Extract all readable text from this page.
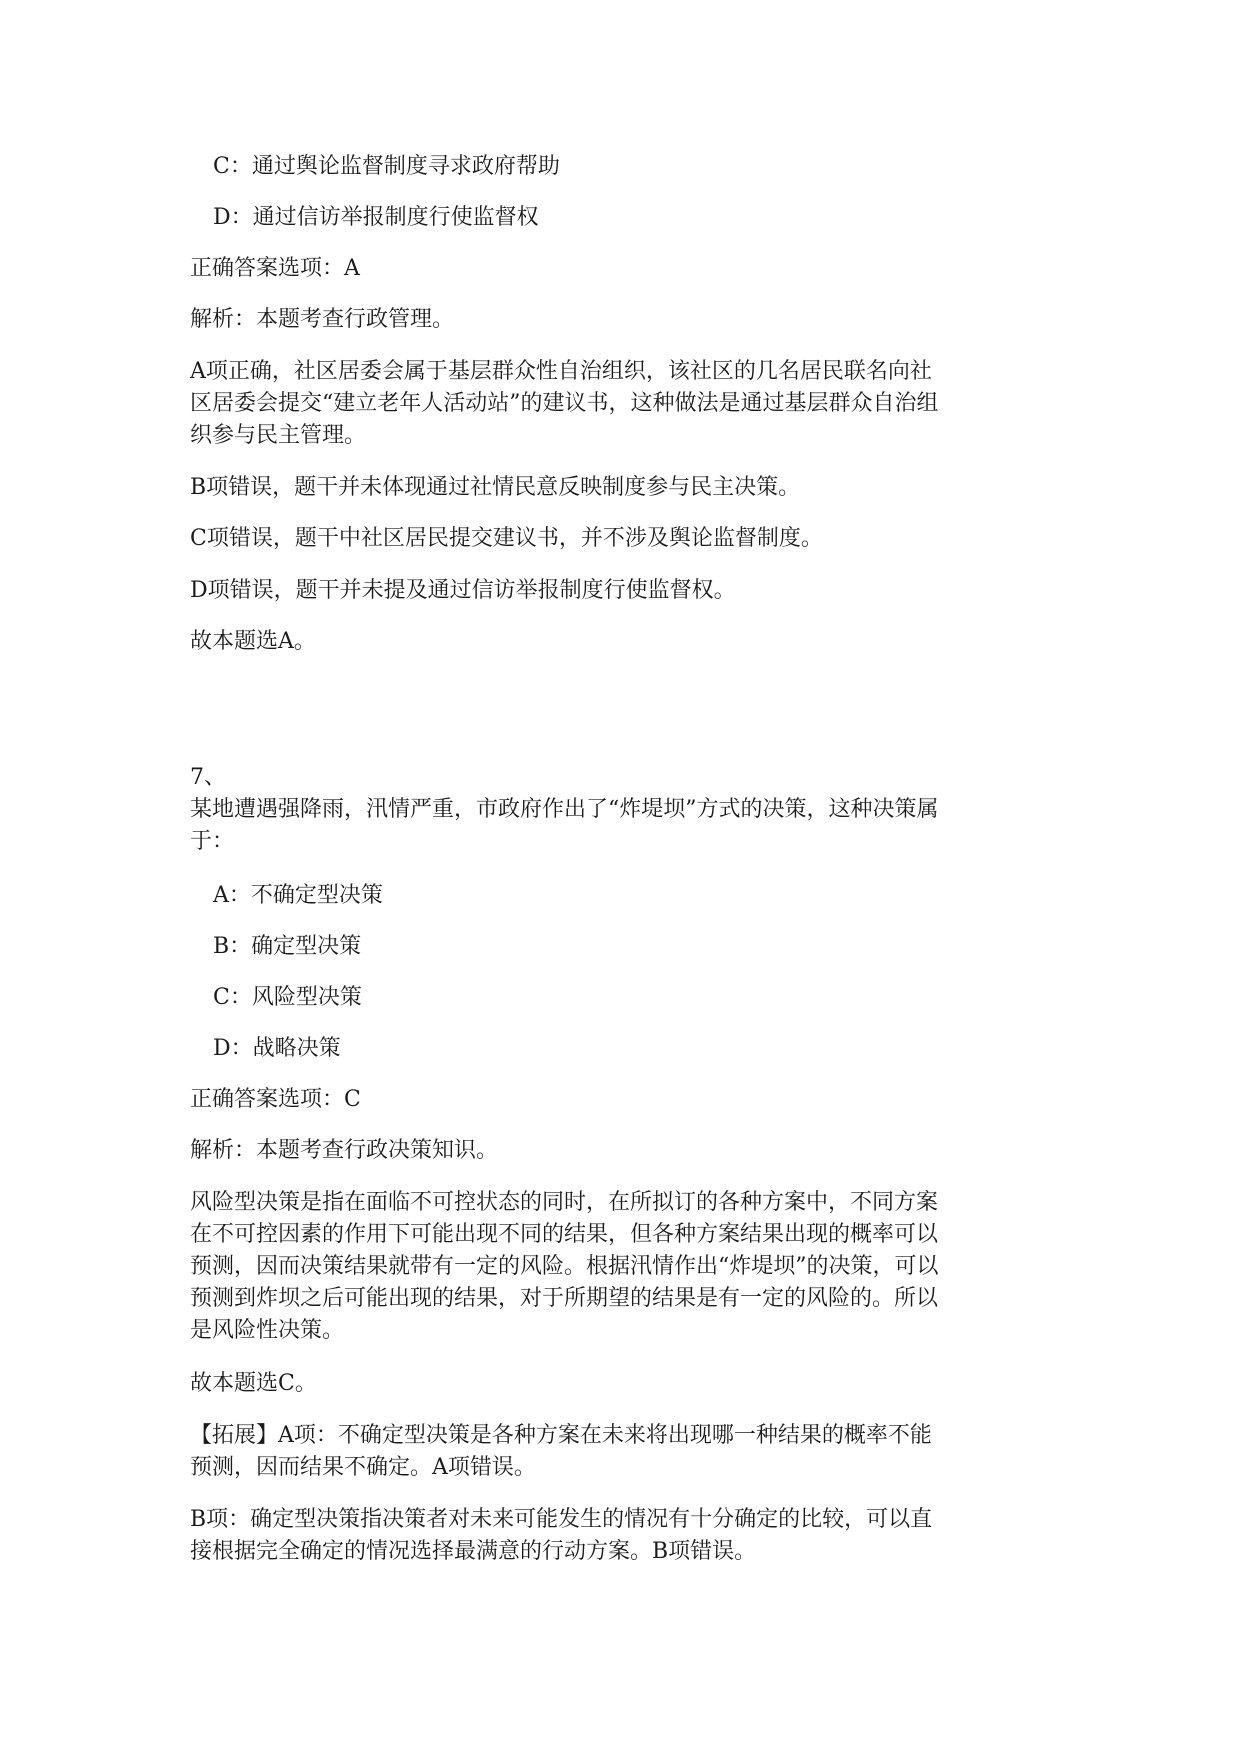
C：通过舆论监督制度寻求政府帮助
D：通过信访举报制度行使监督权
正确答案选项：A
解析：本题考查行政管理。
A项正确，社区居委会属于基层群众性自治组织，该社区的几名居民联名向社
区居委会提交“建立老年人活动站”的建议书，这种做法是通过基层群众自治组
织参与民主管理。
B项错误，题干并未体现通过社情民意反映制度参与民主决策。
C项错误，题干中社区居民提交建议书，并不涉及舆论监督制度。
D项错误，题干并未提及通过信访举报制度行使监督权。
故本题选A。
7、
某地遭遇强降雨，汛情严重，市政府作出了“炸堤坝”方式的决策，这种决策属
于：
A：不确定型决策
B：确定型决策
C：风险型决策
D：战略决策
正确答案选项：C
解析：本题考查行政决策知识。
风险型决策是指在面临不可控状态的同时，在所拟订的各种方案中，不同方案
在不可控因素的作用下可能出现不同的结果，但各种方案结果出现的概率可以
预测，因而决策结果就带有一定的风险。根据汛情作出“炸堤坝”的决策，可以
预测到炸坝之后可能出现的结果，对于所期望的结果是有一定的风险的。所以
是风险性决策。
故本题选C。
【拓展】A项：不确定型决策是各种方案在未来将出现哪一种结果的概率不能
预测，因而结果不确定。A项错误。
B项：确定型决策指决策者对未来可能发生的情况有十分确定的比较，可以直
接根据完全确定的情况选择最满意的行动方案。B项错误。
